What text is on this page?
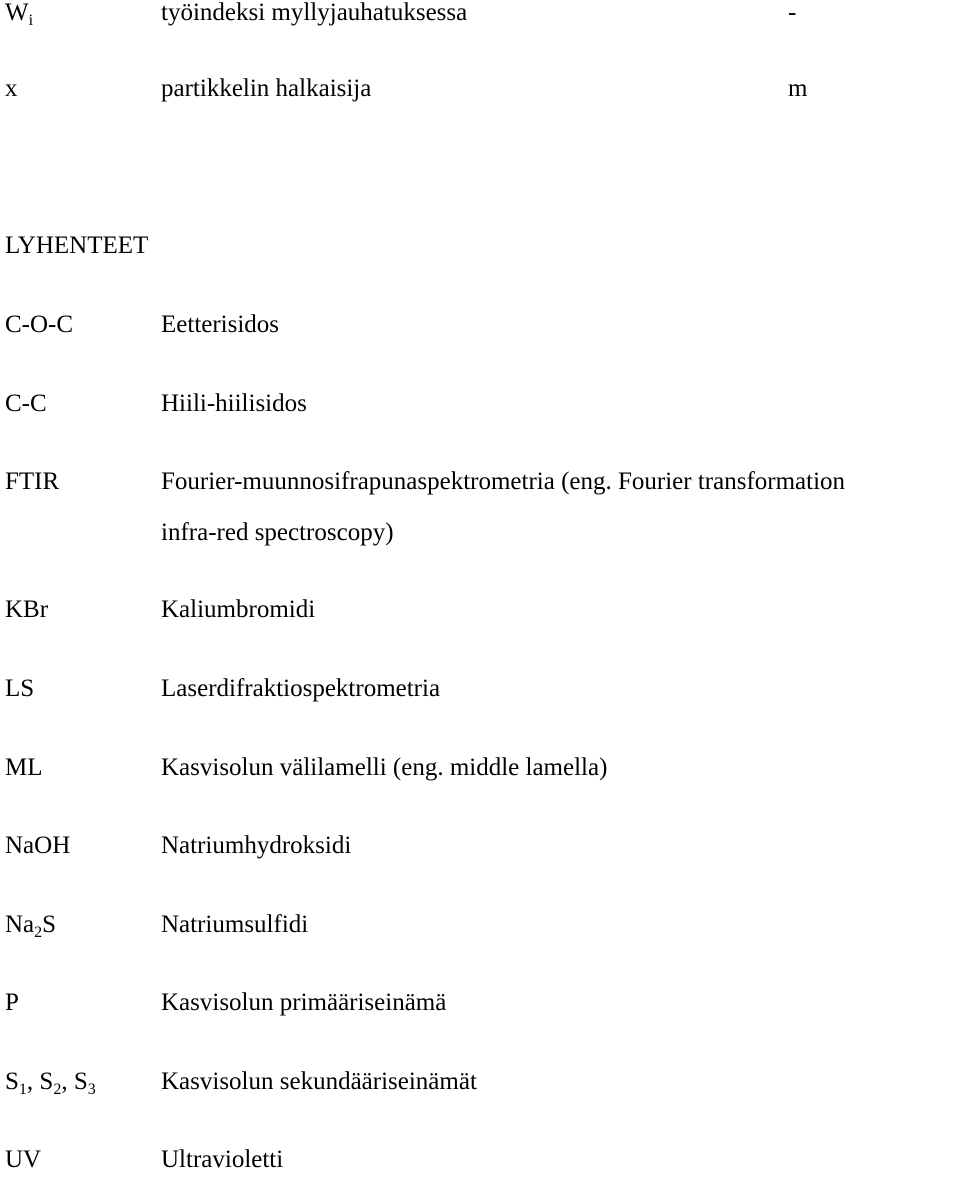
$W_i$	työindeksi myllyjauhatuksessa	-
x	partikkelin halkaisija	m
LYHENTEET
C-O-C	Eetterisidos
C-C	Hiili-hiilisidos
FTIR	Fourier-muunnosifrapunaspektrometria (eng. Fourier transformation
infra-red spectroscopy)
KBr	Kaliumbromidi
LS	Laserdifraktiospektrometria
ML	Kasvisolun välilamelli (eng. middle lamella)
NaOH	Natriumhydroksidi
$Na_2S$	Natriumsulfidi
P	Kasvisolun primääriseinämä
$S_1$, $S_2$, $S_3$	Kasvisolun sekundääriseinämät
UV	Ultravioletti
